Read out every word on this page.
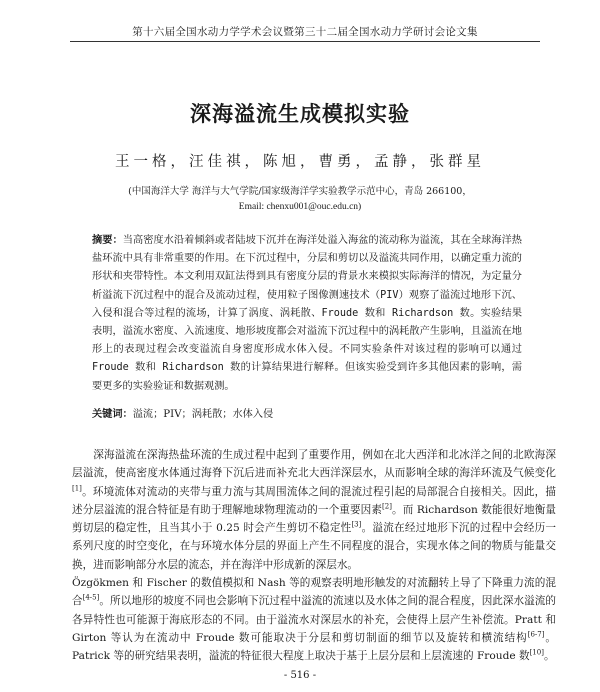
第十六届全国水动力学学术会议暨第三十二届全国水动力学研讨会论文集
深海溢流生成模拟实验
王一格，汪佳祺，陈旭，曹勇，孟静，张群星
(中国海洋大学 海洋与大气学院/国家级海洋学实验教学示范中心，青岛 266100，
Email: chenxu001@ouc.edu.cn)
摘要：当高密度水沿着倾斜或者陆坡下沉并在海洋处溢入海盆的流动称为溢流，其在全球海洋热盐环流中具有非常重要的作用。在下沉过程中，分层和剪切以及溢流共同作用，以确定重力流的形状和夹带特性。本文利用双缸法得到具有密度分层的背景水来模拟实际海洋的情况，为定量分析溢流下沉过程中的混合及流动过程，使用粒子图像测速技术（PIV）观察了溢流过地形下沉、入侵和混合等过程的流场，计算了涡度、涡耗散、Froude 数和 Richardson 数。实验结果表明，溢流水密度、入流速度、地形坡度都会对溢流下沉过程中的涡耗散产生影响，且溢流在地形上的表现过程会改变溢流自身密度形成水体入侵。不同实验条件对该过程的影响可以通过 Froude 数和 Richardson 数的计算结果进行解释。但该实验受到许多其他因素的影响，需要更多的实验验证和数据观测。
关键词：溢流；PIV；涡耗散；水体入侵

深海溢流在深海热盐环流的生成过程中起到了重要作用，例如在北大西洋和北冰洋之间的北欧海深层溢流，使高密度水体通过海脊下沉后进而补充北大西洋深层水，从而影响全球的海洋环流及气候变化[1]。环境流体对流动的夹带与重力流与其周围流体之间的混流过程引起的局部混合自接相关。因此，描述分层溢流的混合特征是有助于理解地球物理流动的一个重要因素[2]。而 Richardson 数能很好地衡量剪切层的稳定性，且当其小于 0.25 时会产生剪切不稳定性[3]。溢流在经过地形下沉的过程中会经历一系列尺度的时空变化，在与环境水体分层的界面上产生不同程度的混合，实现水体之间的物质与能量交换，进而影响部分水层的流态，并在海洋中形成新的深层水。

Özgökmen 和 Fischer 的数值模拟和 Nash 等的观察表明地形触发的对流翻转上导了下降重力流的混合[4-5]。所以地形的坡度不同也会影响下沉过程中溢流的流速以及水体之间的混合程度，因此深水溢流的各异特性也可能源于海底形态的不同。由于溢流水对深层水的补充，会使得上层产生补偿流。Pratt 和 Girton 等认为在流动中 Froude 数可能取决于分层和剪切制面的细节以及旋转和横流结构[6-7]。Patrick 等的研究结果表明，溢流的特征很大程度上取决于基于上层分层和上层流速的 Froude 数[10]。

- 516 -
